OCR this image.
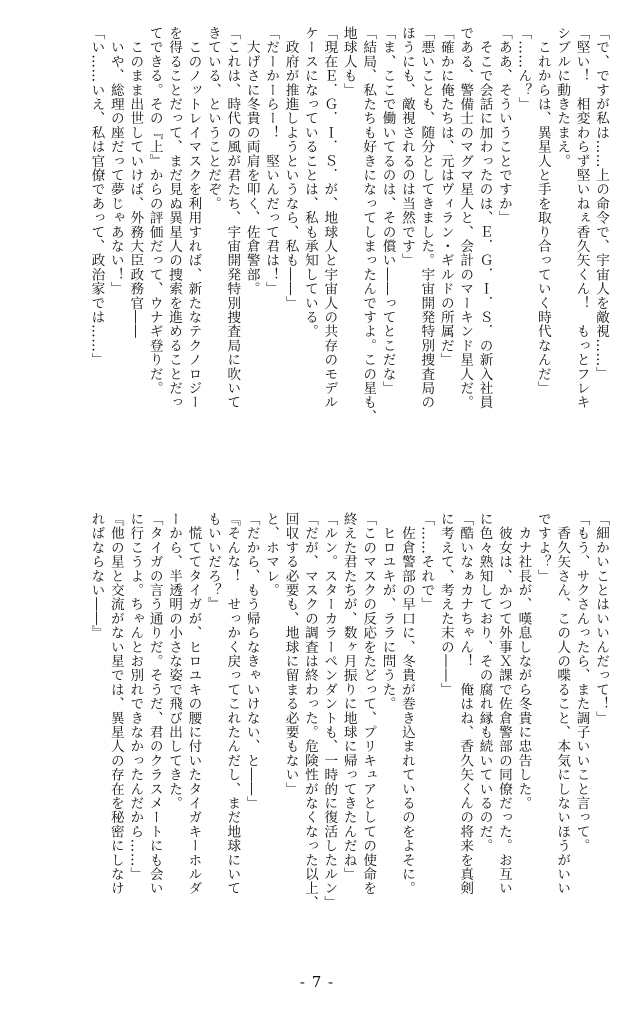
「で、ですが私は……上の命令で、宇宙人を敵視……」
「堅い！　相変わらず堅いねぇ香久矢くん！　もっとフレキ
シブルに動きたまえ。
　これからは、異星人と手を取り合っていく時代なんだ」
「……ん？」
「ああ、そういうことですか」
　そこで会話に加わったのは、Ｅ．Ｇ．Ｉ．Ｓ．の新入社員
である、警備士のマグマ星人と、会計のマーキンド星人だ。
「確かに俺たちは、元はヴィラン・ギルドの所属だ」
「悪いことも、随分としてきました。宇宙開発特別捜査局の
ほうにも、敵視されるのは当然です」
「ま、ここで働いてるのは、その償い――ってとこだな」
「結局、私たちも好きになってしまったんですよ。この星も、
地球人も」
「現在Ｅ．Ｇ．Ｉ．Ｓ．が、地球人と宇宙人の共存のモデル
ケースになっていることは、私も承知している。
　政府が推進しようというなら、私も――」
「だーかーらー！　堅いんだって君は！」
　大げさに冬貴の両肩を叩く、佐倉警部。
「これは、時代の風が君たち、宇宙開発特別捜査局に吹いて
きている、ということだぞ。
　このノットレイマスクを利用すれば、新たなテクノロジー
を得ることだって、まだ見ぬ異星人の捜索を進めることだっ
てできる。その『上』からの評価だって、ウナギ登りだ。
　このまま出世していけば、外務大臣政務官――
　いや、総理の座だって夢じゃあない！」
「い……いえ、私は官僚であって、政治家では……」
「細かいことはいいんだって！」
「もう、サクさんったら、また調子いいこと言って。
　香久矢さん、この人の喋ること、本気にしないほうがいい
ですよ？」
　カナ社長が、嘆息しながら冬貴に忠告した。
　彼女は、かつて外事Ｘ課で佐倉警部の同僚だった。お互い
に色々熟知しており、その腐れ縁も続いているのだ。
「酷いなぁカナちゃん！　俺はね、香久矢くんの将来を真剣
に考えて、考えた末の――」
「……それで」
　佐倉警部の早口に、冬貴が巻き込まれているのをよそに。
　ヒロユキが、ララに問うた。
「このマスクの反応をたどって、プリキュアとしての使命を
終えた君たちが、数ヶ月振りに地球に帰ってきたんだね」
「ルン。スターカラーペンダントも、一時的に復活したルン」
「だが、マスクの調査は終わった。危険性がなくなった以上、
回収する必要も、地球に留まる必要もない」
と、ホマレ。
「だから、もう帰らなきゃいけない、と――」
『そんな！　せっかく戻ってこれたんだし、まだ地球にいて
もいいだろ？』
　慌ててタイガが、ヒロユキの腰に付いたタイガキーホルダ
ーから、半透明の小さな姿で飛び出してきた。
「タイガの言う通りだ。そうだ、君のクラスメートにも会い
に行こうよ。ちゃんとお別れできなかったんだから……」
『他の星と交流がない星では、異星人の存在を秘密にしなけ
ればならない――』
- 7 -
